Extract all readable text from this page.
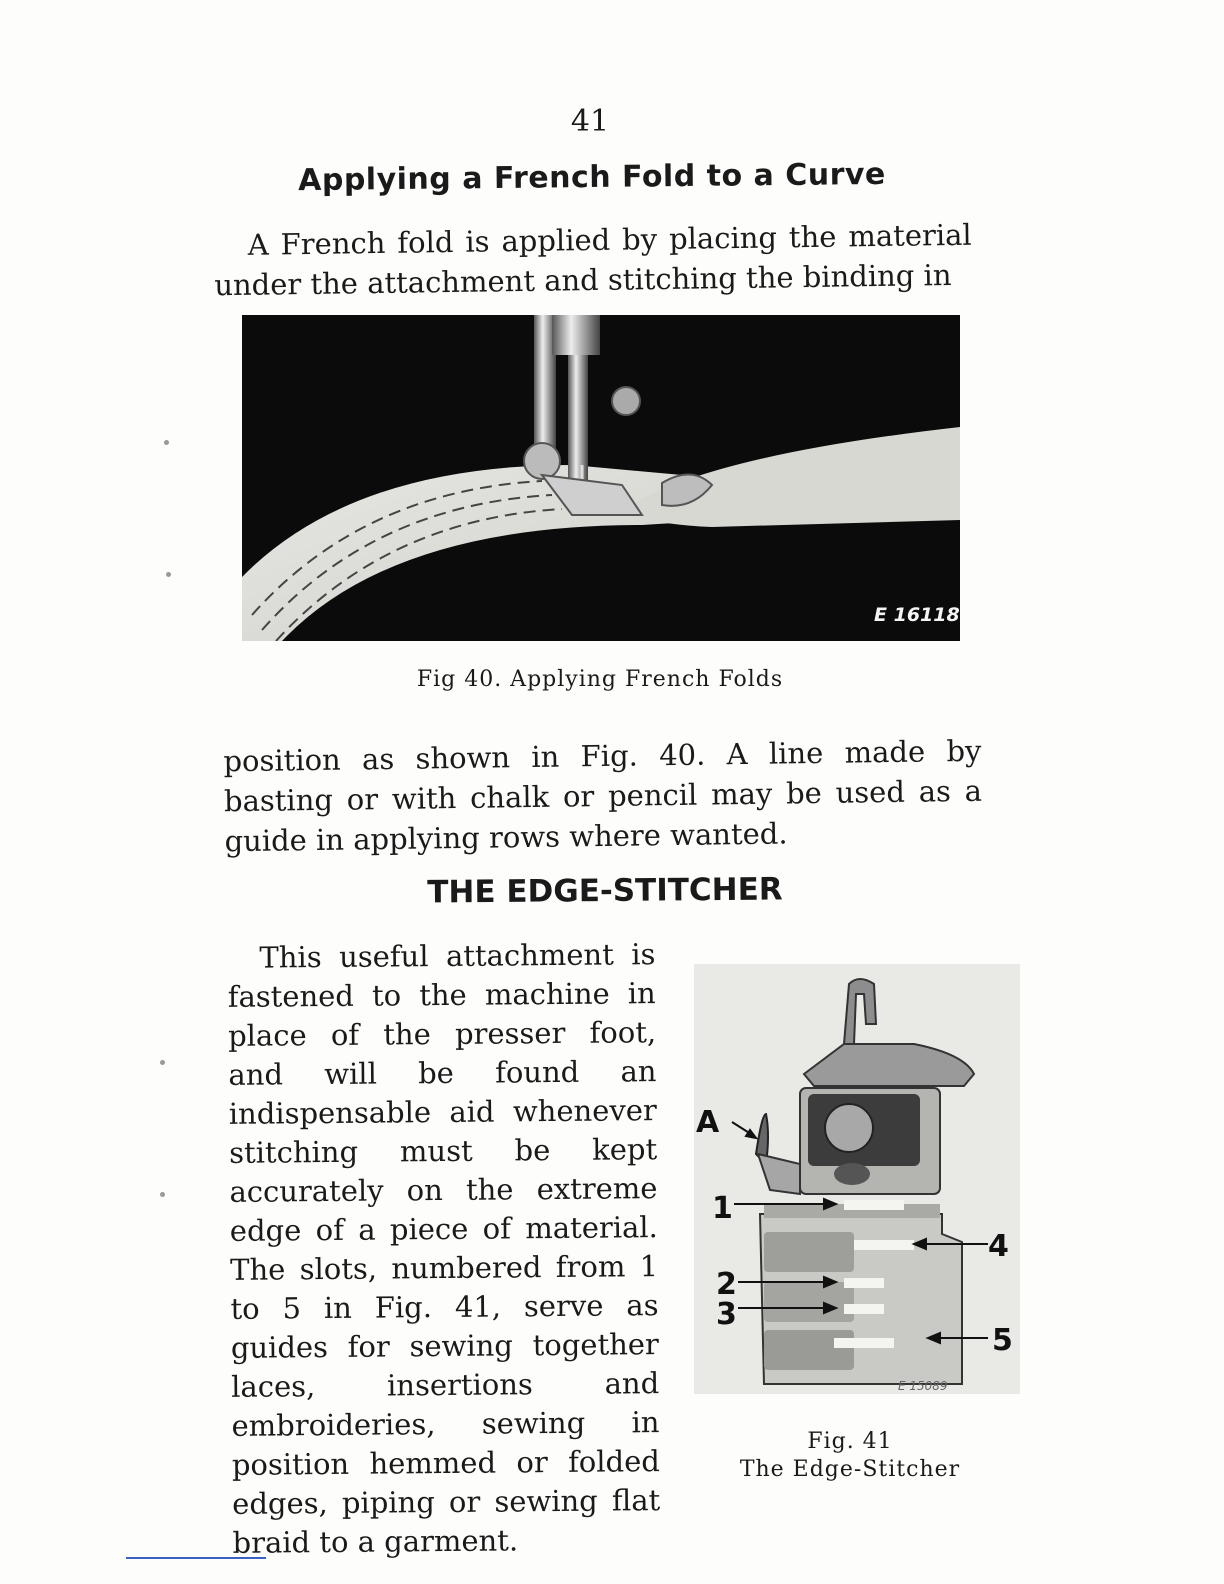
41
Applying a French Fold to a Curve
A French fold is applied by placing the material under the attachment and stitching the binding in
E 16118
Fig 40. Applying French Folds
position as shown in Fig. 40. A line made by basting or with chalk or pencil may be used as a guide in applying rows where wanted.
THE EDGE-STITCHER
This useful attachment is fastened to the machine in place of the presser foot, and will be found an indispensable aid whenever stitching must be kept accurately on the extreme edge of a piece of material. The slots, numbered from 1 to 5 in Fig. 41, serve as guides for sewing together laces, insertions and embroideries, sewing in position hemmed or folded edges, piping or sewing flat braid to a garment.
A
1
2
3
4
5
E 15089
Fig. 41
The Edge-Stitcher
